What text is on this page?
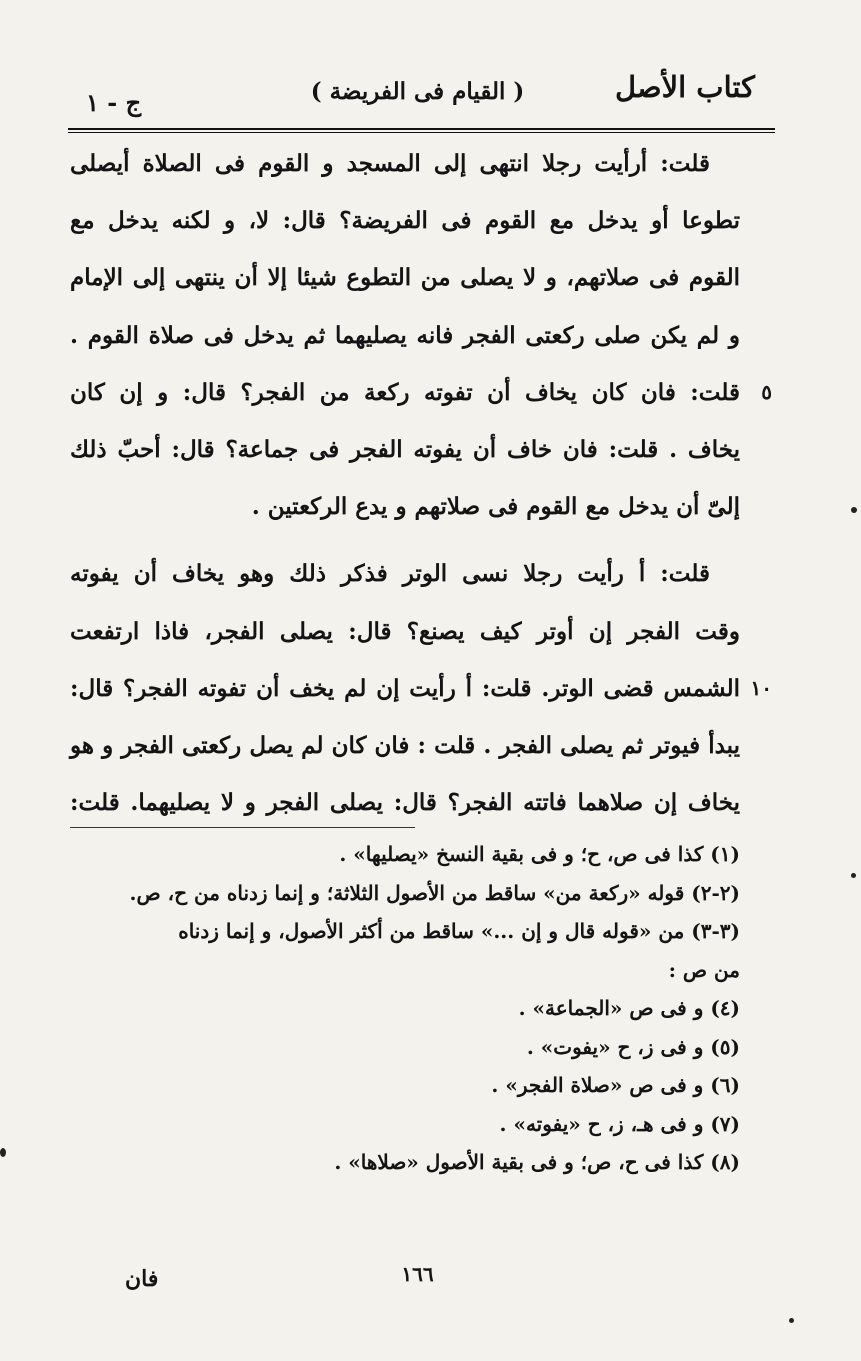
كتاب الأصل
( القيام فى الفريضة )
ج - ١

قلت: أرأيت رجلا انتهى إلى المسجد و القوم فى الصلاة أيصلى

تطوعا أو يدخل مع القوم فى الفريضة؟ قال: لا، و لكنه يدخل مع

القوم فى صلاتهم، و لا يصلى من التطوع شيئا إلا أن ينتهى إلى الإمام

و لم يكن صلى ركعتى الفجر فانه يصليهما ثم يدخل فى صلاة القوم .

٥
قلت: فان كان يخاف أن تفوته ركعة من الفجر؟ قال: و إن كان

يخاف . قلت: فان خاف أن يفوته الفجر فى جماعة؟ قال: أحبّ ذلك

إلىّ أن يدخل مع القوم فى صلاتهم و يدع الركعتين .

قلت: أ رأيت رجلا نسى الوتر فذكر ذلك وهو يخاف أن يفوته

وقت الفجر إن أوتر كيف يصنع؟ قال: يصلى الفجر، فاذا ارتفعت

١٠
الشمس قضى الوتر. قلت: أ رأيت إن لم يخف أن تفوته الفجر؟ قال:

يبدأ فيوتر ثم يصلى الفجر . قلت : فان كان لم يصل ركعتى الفجر و هو

يخاف إن صلاهما فاتته الفجر؟ قال: يصلى الفجر و لا يصليهما. قلت:

(١) كذا فى ص، ح؛ و فى بقية النسخ «يصليها» .

(٢-٢) قوله «ركعة من» ساقط من الأصول الثلاثة؛ و إنما زدناه من ح، ص.

(٣-٣) من «قوله قال و إن ...» ساقط من أكثر الأصول، و إنما زدناه

من ص :

(٤) و فى ص «الجماعة» .

(٥) و فى ز، ح «يفوت» .

(٦) و فى ص «صلاة الفجر» .

(٧) و فى هـ، ز، ح «يفوته» .

(٨) كذا فى ح، ص؛ و فى بقية الأصول «صلاها» .

١٦٦
فان
